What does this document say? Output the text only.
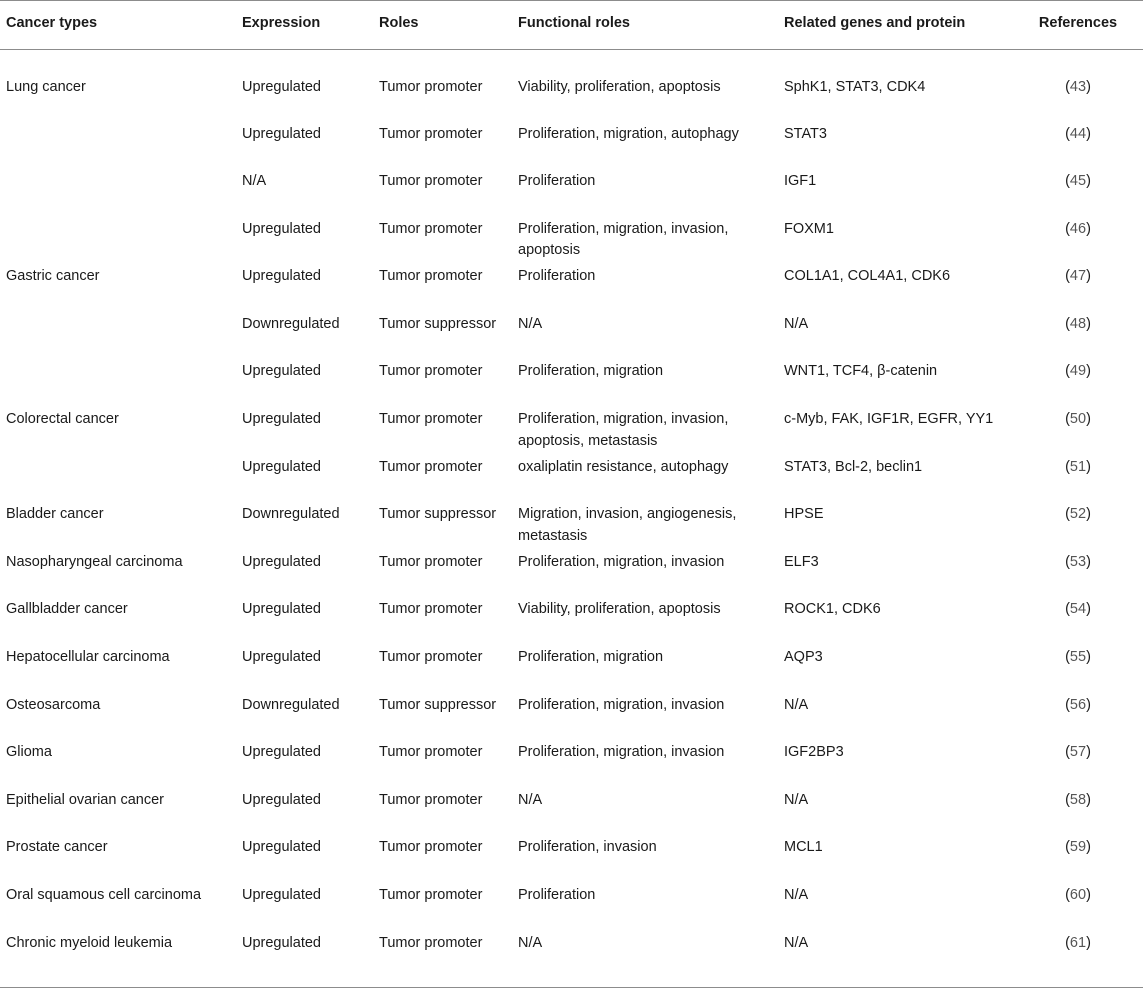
Cancer types	Expression	Roles	Functional roles	Related genes and protein	References
Lung cancer	Upregulated	Tumor promoter	Viability, proliferation, apoptosis	SphK1, STAT3, CDK4	(43)
	Upregulated	Tumor promoter	Proliferation, migration, autophagy	STAT3	(44)
	N/A	Tumor promoter	Proliferation	IGF1	(45)
	Upregulated	Tumor promoter	Proliferation, migration, invasion, apoptosis	FOXM1	(46)
Gastric cancer	Upregulated	Tumor promoter	Proliferation	COL1A1, COL4A1, CDK6	(47)
	Downregulated	Tumor suppressor	N/A	N/A	(48)
	Upregulated	Tumor promoter	Proliferation, migration	WNT1, TCF4, β-catenin	(49)
Colorectal cancer	Upregulated	Tumor promoter	Proliferation, migration, invasion, apoptosis, metastasis	c-Myb, FAK, IGF1R, EGFR, YY1	(50)
	Upregulated	Tumor promoter	oxaliplatin resistance, autophagy	STAT3, Bcl-2, beclin1	(51)
Bladder cancer	Downregulated	Tumor suppressor	Migration, invasion, angiogenesis, metastasis	HPSE	(52)
Nasopharyngeal carcinoma	Upregulated	Tumor promoter	Proliferation, migration, invasion	ELF3	(53)
Gallbladder cancer	Upregulated	Tumor promoter	Viability, proliferation, apoptosis	ROCK1, CDK6	(54)
Hepatocellular carcinoma	Upregulated	Tumor promoter	Proliferation, migration	AQP3	(55)
Osteosarcoma	Downregulated	Tumor suppressor	Proliferation, migration, invasion	N/A	(56)
Glioma	Upregulated	Tumor promoter	Proliferation, migration, invasion	IGF2BP3	(57)
Epithelial ovarian cancer	Upregulated	Tumor promoter	N/A	N/A	(58)
Prostate cancer	Upregulated	Tumor promoter	Proliferation, invasion	MCL1	(59)
Oral squamous cell carcinoma	Upregulated	Tumor promoter	Proliferation	N/A	(60)
Chronic myeloid leukemia	Upregulated	Tumor promoter	N/A	N/A	(61)
